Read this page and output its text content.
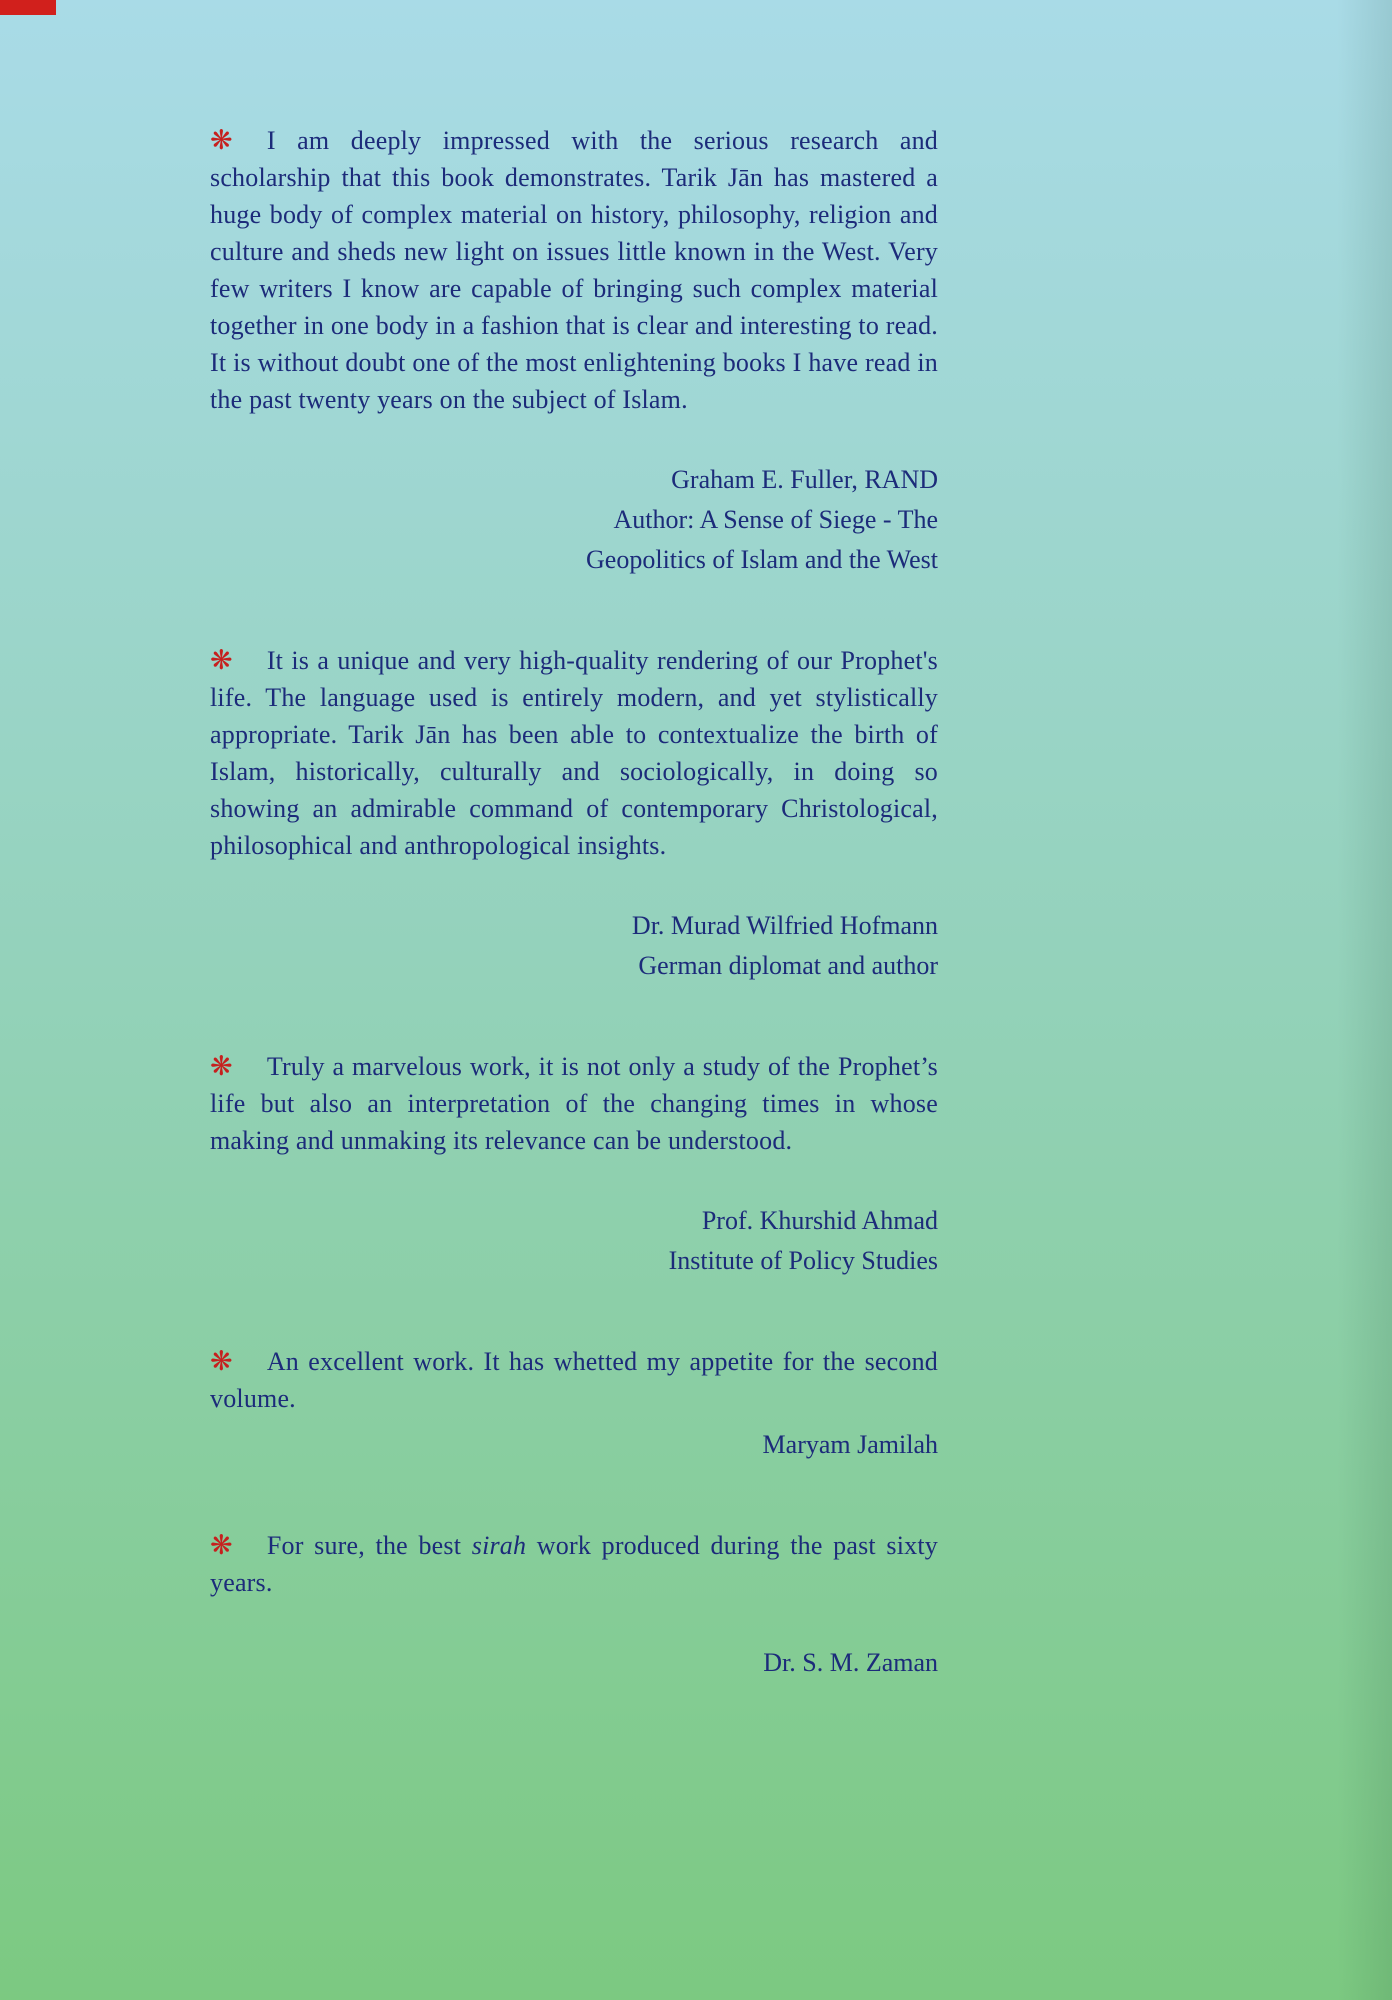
❋ I am deeply impressed with the serious research and scholarship that this book demonstrates. Tarik Jān has mastered a huge body of complex material on history, philosophy, religion and culture and sheds new light on issues little known in the West. Very few writers I know are capable of bringing such complex material together in one body in a fashion that is clear and interesting to read. It is without doubt one of the most enlightening books I have read in the past twenty years on the subject of Islam.

Graham E. Fuller, RAND
Author: A Sense of Siege - The
Geopolitics of Islam and the West

❋ It is a unique and very high-quality rendering of our Prophet's life. The language used is entirely modern, and yet stylistically appropriate. Tarik Jān has been able to contextualize the birth of Islam, historically, culturally and sociologically, in doing so showing an admirable command of contemporary Christological, philosophical and anthropological insights.

Dr. Murad Wilfried Hofmann
German diplomat and author

❋ Truly a marvelous work, it is not only a study of the Prophet’s life but also an interpretation of the changing times in whose making and unmaking its relevance can be understood.

Prof. Khurshid Ahmad
Institute of Policy Studies

❋ An excellent work. It has whetted my appetite for the second volume.

Maryam Jamilah

❋ For sure, the best sirah work produced during the past sixty years.

Dr. S. M. Zaman
